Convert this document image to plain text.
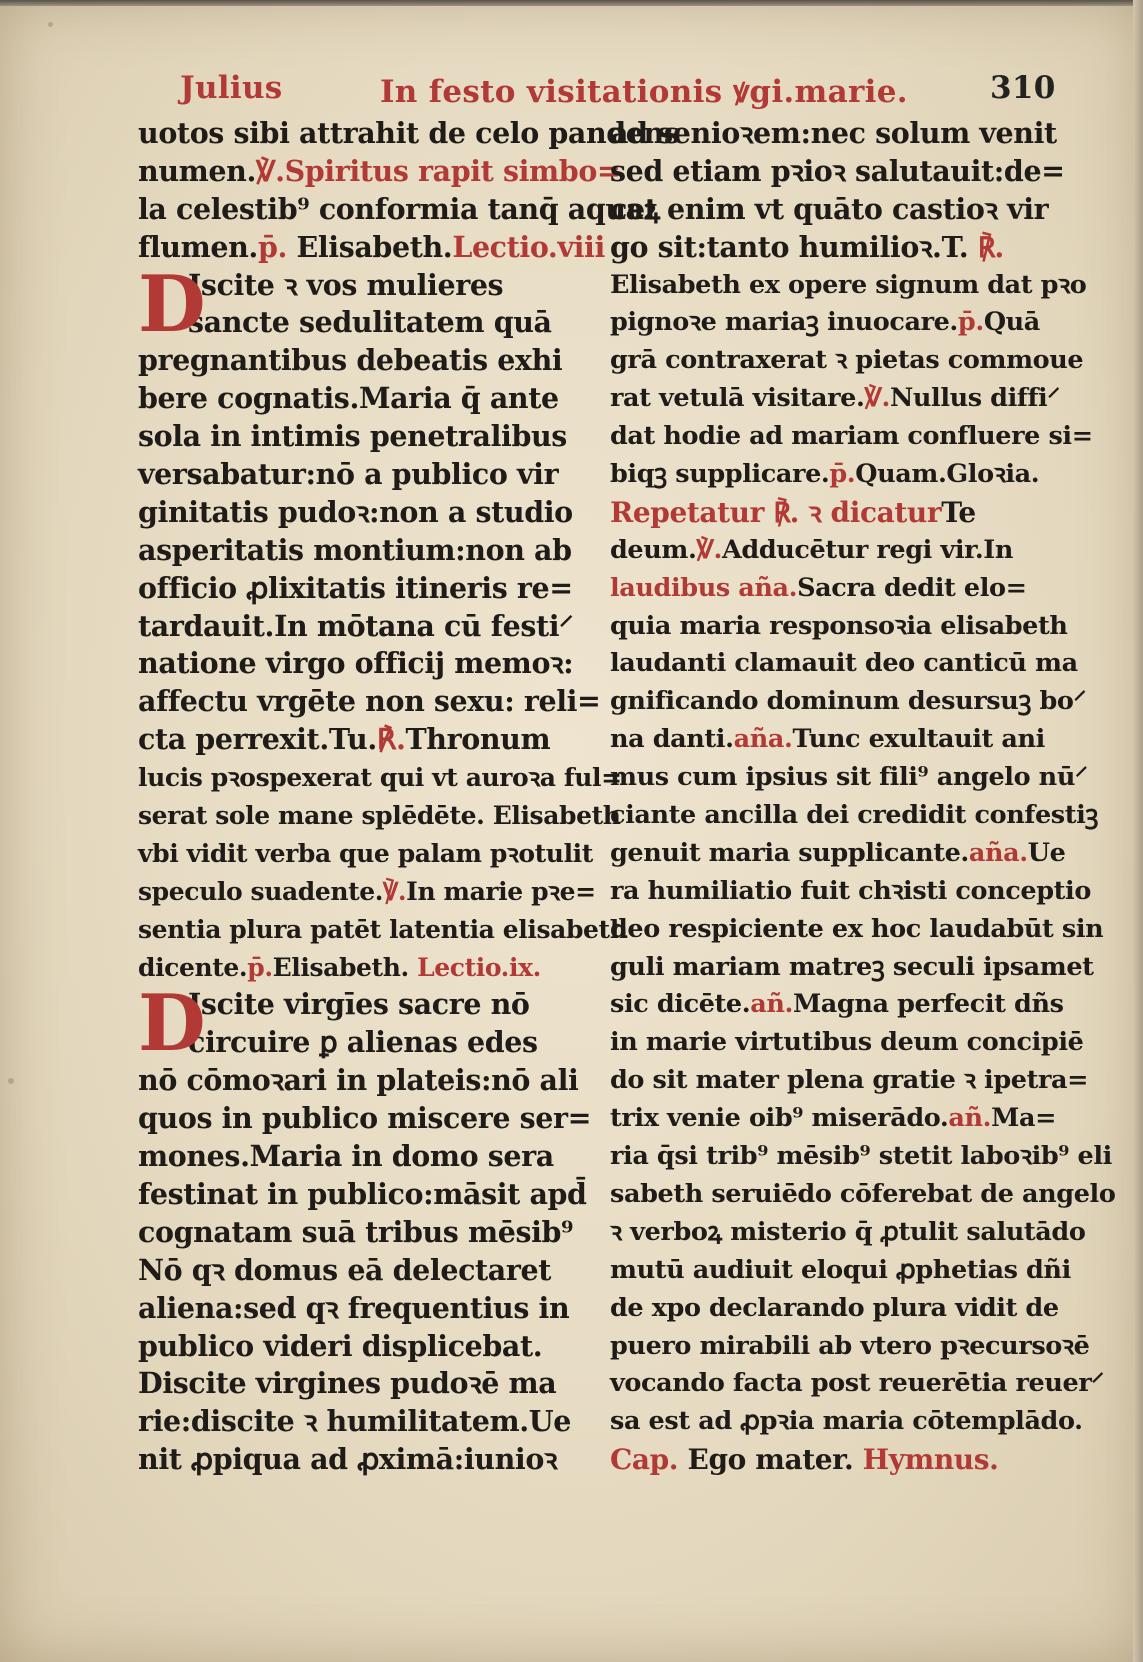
Julius	In festo visitationis ꝟgi.marie.	310
uotos sibi attrahit de celo pandens
numen.℣.Spiritus rapit simbo=
la celestib⁹ conformia tanq̄ aquaꝝ
flumen.p̄. Elisabeth.Lectio.viii
D
Iscite ꝛ vos mulieres
sancte sedulitatem quā
pregnantibus debeatis exhi
bere cognatis.Maria q̄ ante
sola in intimis penetralibus
versabatur:nō a publico vir
ginitatis pudoꝛ:non a studio
asperitatis montium:non ab
officio ꝓlixitatis itineris re=
tardauit.In mōtana cū festi⸍
natione virgo officij memoꝛ:
affectu vrgēte non sexu: reli=
cta perrexit.Tu.℟.Thronum
lucis pꝛospexerat qui vt auroꝛa ful=
serat sole mane splēdēte. Elisabeth
vbi vidit verba que palam pꝛotulit
speculo suadente.℣.In marie pꝛe=
sentia plura patēt latentia elisabeth
dicente.p̄.Elisabeth. Lectio.ix.
D
Iscite virgīes sacre nō
circuire ꝑ alienas edes
nō cōmoꝛari in plateis:nō ali
quos in publico miscere ser=
mones.Maria in domo sera
festinat in publico:māsit apd̄
cognatam suā tribus mēsib⁹
Nō qꝛ domus eā delectaret
aliena:sed qꝛ frequentius in
publico videri displicebat.
Discite virgines pudoꝛē ma
rie:discite ꝛ humilitatem.Ue
nit ꝓpiqua ad ꝓximā:iunioꝛ
ad senioꝛem:nec solum venit
sed etiam pꝛioꝛ salutauit:de=
cet enim vt quāto castioꝛ vir
go sit:tanto humilioꝛ.T. ℟.
Elisabeth ex opere signum dat pꝛo
pignoꝛe mariaꝫ inuocare.p̄.Quā
grā contraxerat ꝛ pietas commoue
rat vetulā visitare.℣.Nullus diffi⸍
dat hodie ad mariam confluere si=
biqꝫ supplicare.p̄.Quam.Gloꝛia.
Repetatur ℟. ꝛ dicaturTe
deum.℣.Adducētur regi vir.In
laudibus aña.Sacra dedit elo=
quia maria responsoꝛia elisabeth
laudanti clamauit deo canticū ma
gnificando dominum desursuꝫ bo⸍
na danti.aña.Tunc exultauit ani
mus cum ipsius sit fili⁹ angelo nū⸍
ciante ancilla dei credidit confestiꝫ
genuit maria supplicante.aña.Ue
ra humiliatio fuit chꝛisti conceptio
deo respiciente ex hoc laudabūt sin
guli mariam matreꝫ seculi ipsamet
sic dicēte.añ.Magna perfecit dñs
in marie virtutibus deum concipiē
do sit mater plena gratie ꝛ ipetra=
trix venie oib⁹ miserādo.añ.Ma=
ria q̄si trib⁹ mēsib⁹ stetit laboꝛib⁹ eli
sabeth seruiēdo cōferebat de angelo
ꝛ verboꝝ misterio q̄ ꝓtulit salutādo
mutū audiuit eloqui ꝓphetias dñi
de xpo declarando plura vidit de
puero mirabili ab vtero pꝛecursoꝛē
vocando facta post reuerētia reuer⸍
sa est ad ꝓpꝛia maria cōtemplādo.
Cap. Ego mater. Hymnus.
